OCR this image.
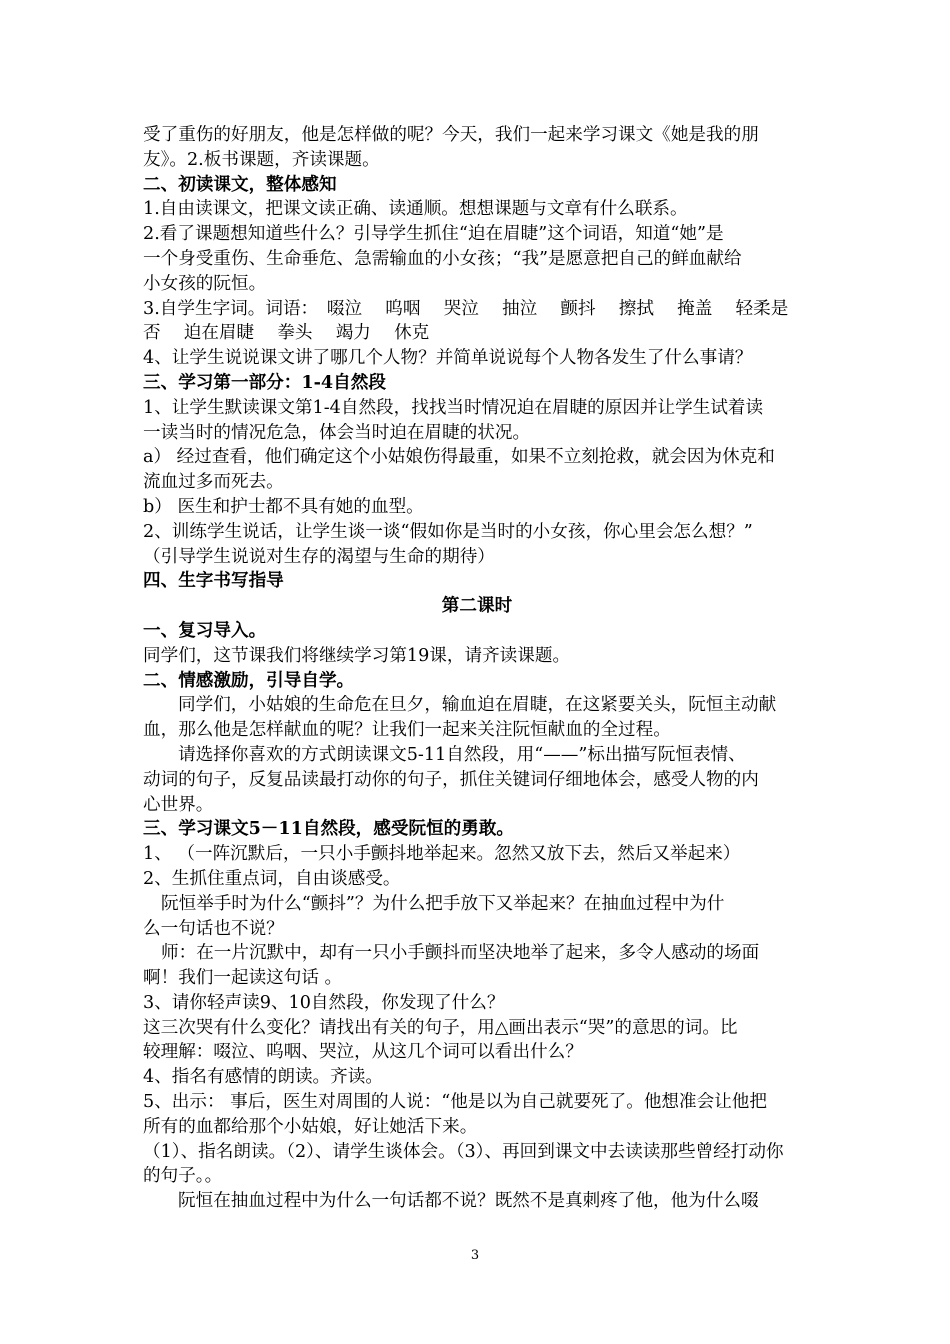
受了重伤的好朋友，他是怎样做的呢？今天，我们一起来学习课文《她是我的朋
友》。2.板书课题，齐读课题。
二、初读课文，整体感知
1.自由读课文，把课文读正确、读通顺。想想课题与文章有什么联系。
2.看了课题想知道些什么？引导学生抓住“迫在眉睫”这个词语，知道“她”是
一个身受重伤、生命垂危、急需输血的小女孩；“我”是愿意把自己的鲜血献给
小女孩的阮恒。
3.自学生字词。词语：　啜泣　 呜咽　 哭泣　 抽泣　 颤抖　 擦拭　 掩盖　 轻柔是
否　 迫在眉睫　 拳头　 竭力　 休克
4、让学生说说课文讲了哪几个人物？并简单说说每个人物各发生了什么事请？
三、学习第一部分：1-4自然段
1、让学生默读课文第1-4自然段，找找当时情况迫在眉睫的原因并让学生试着读
一读当时的情况危急，体会当时迫在眉睫的状况。
a） 经过查看，他们确定这个小姑娘伤得最重，如果不立刻抢救，就会因为休克和
流血过多而死去。
b） 医生和护士都不具有她的血型。
2、训练学生说话，让学生谈一谈“假如你是当时的小女孩，你心里会怎么想？”
（引导学生说说对生存的渴望与生命的期待）
四、生字书写指导
第二课时
一、复习导入。
同学们，这节课我们将继续学习第19课，请齐读课题。
二、情感激励，引导自学。
同学们，小姑娘的生命危在旦夕，输血迫在眉睫，在这紧要关头，阮恒主动献
血，那么他是怎样献血的呢？让我们一起来关注阮恒献血的全过程。
请选择你喜欢的方式朗读课文5-11自然段，用“——”标出描写阮恒表情、
动词的句子，反复品读最打动你的句子，抓住关键词仔细地体会，感受人物的内
心世界。
三、学习课文5－11自然段，感受阮恒的勇敢。
1、 （一阵沉默后，一只小手颤抖地举起来。忽然又放下去，然后又举起来）
2、生抓住重点词，自由谈感受。
阮恒举手时为什么“颤抖”？为什么把手放下又举起来？在抽血过程中为什
么一句话也不说？
师：在一片沉默中，却有一只小手颤抖而坚决地举了起来，多令人感动的场面
啊！我们一起读这句话 。
3、请你轻声读9、10自然段，你发现了什么？
这三次哭有什么变化？请找出有关的句子，用△画出表示“哭”的意思的词。比
较理解：啜泣、呜咽、哭泣，从这几个词可以看出什么？
4、指名有感情的朗读。齐读。
5、出示： 事后，医生对周围的人说：“他是以为自己就要死了。他想准会让他把
所有的血都给那个小姑娘，好让她活下来。
（1）、指名朗读。（2）、请学生谈体会。（3）、再回到课文中去读读那些曾经打动你
的句子。。
阮恒在抽血过程中为什么一句话都不说？既然不是真刺疼了他，他为什么啜
3
